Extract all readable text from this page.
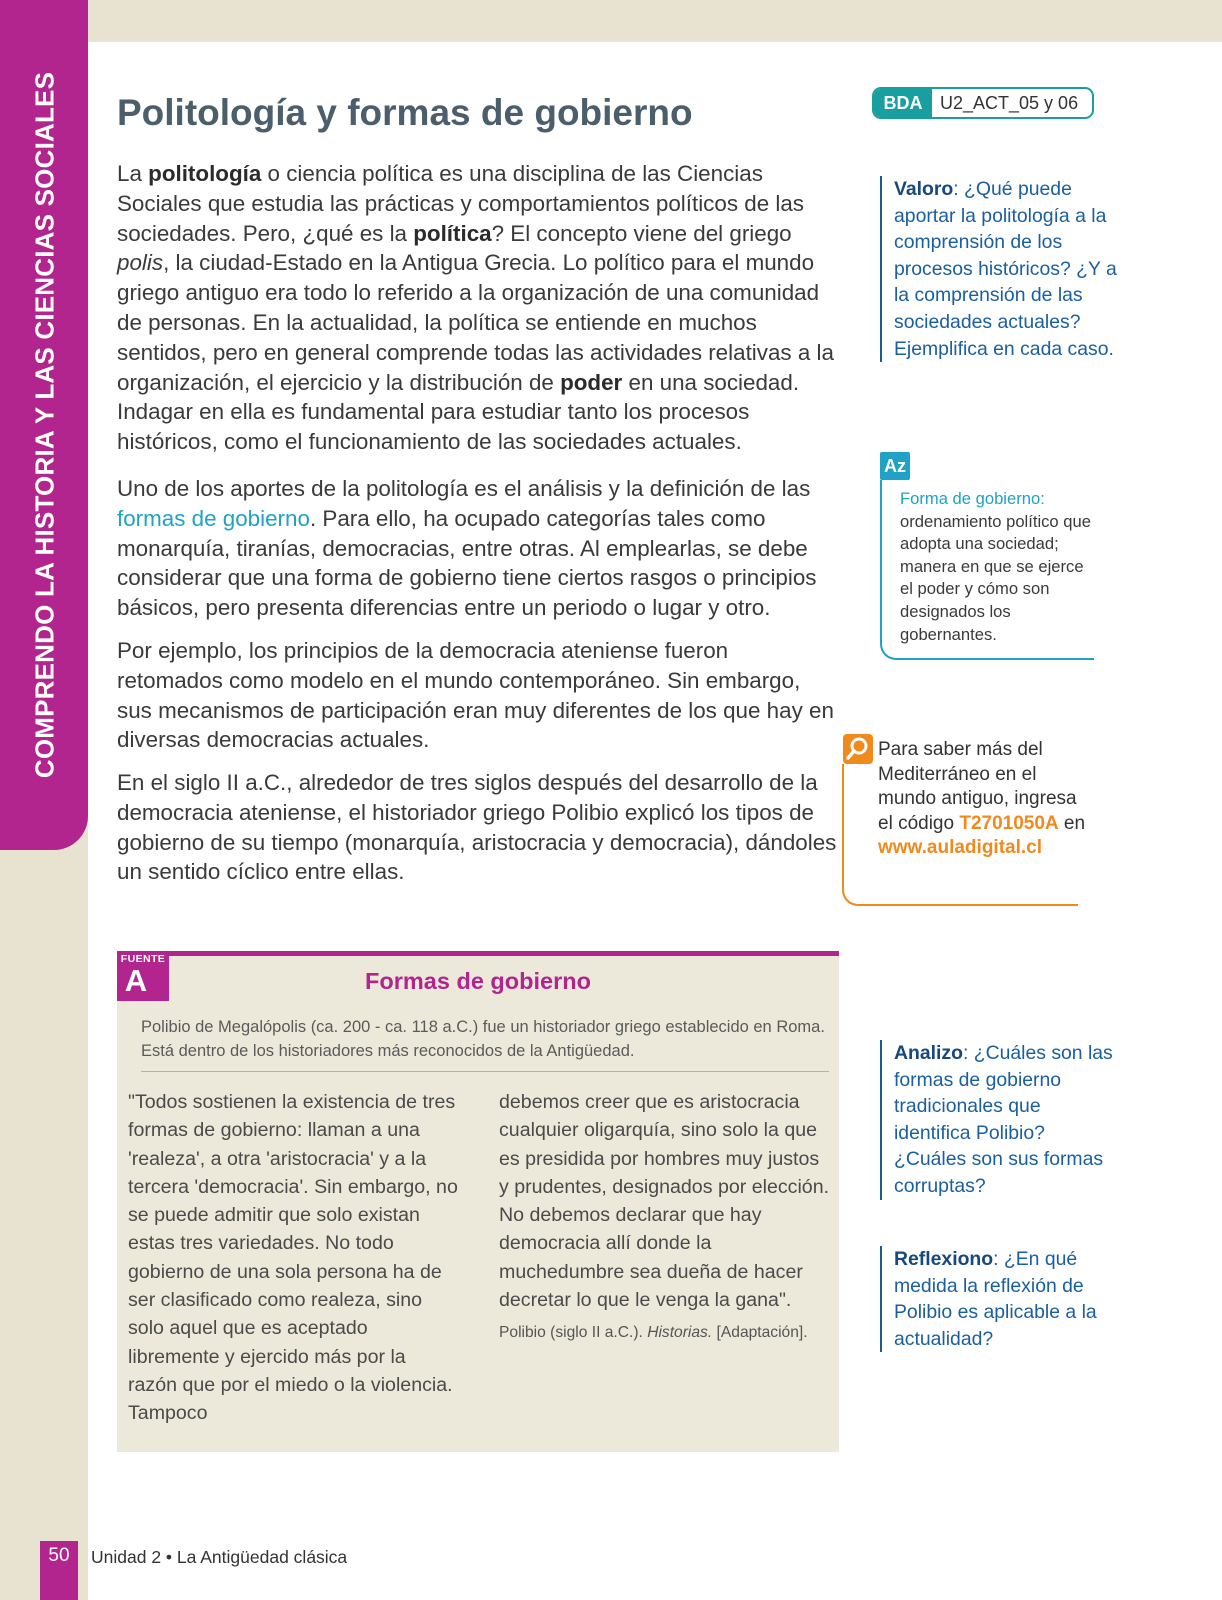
COMPRENDO LA HISTORIA Y LAS CIENCIAS SOCIALES Politología y formas de gobierno	BDA U2_ACT_05 y 06

La politología o ciencia política es una disciplina de las Ciencias Sociales que estudia las prácticas y comportamientos políticos de las sociedades. Pero, ¿qué es la política? El concepto viene del griego polis, la ciudad-Estado en la Antigua Grecia. Lo político para el mundo griego antiguo era todo lo referido a la organización de una comunidad de personas. En la actualidad, la política se entiende en muchos sentidos, pero en general comprende todas las actividades relativas a la organización, el ejercicio y la distribución de poder en una sociedad. Indagar en ella es fundamental para estudiar tanto los procesos históricos, como el funcionamiento de las sociedades actuales.

Uno de los aportes de la politología es el análisis y la definición de las formas de gobierno. Para ello, ha ocupado categorías tales como monarquía, tiranías, democracias, entre otras. Al emplearlas, se debe considerar que una forma de gobierno tiene ciertos rasgos o principios básicos, pero presenta diferencias entre un periodo o lugar y otro.

Por ejemplo, los principios de la democracia ateniense fueron retomados como modelo en el mundo contemporáneo. Sin embargo, sus mecanismos de participación eran muy diferentes de los que hay en diversas democracias actuales.

En el siglo II a.C., alrededor de tres siglos después del desarrollo de la democracia ateniense, el historiador griego Polibio explicó los tipos de gobierno de su tiempo (monarquía, aristocracia y democracia), dándoles un sentido cíclico entre ellas.

Valoro: ¿Qué puede aportar la politología a la comprensión de los procesos históricos? ¿Y a la comprensión de las sociedades actuales? Ejemplifica en cada caso.
Az
Forma de gobierno:
ordenamiento político que adopta una sociedad; manera en que se ejerce el poder y cómo son designados los gobernantes.
Para saber más del Mediterráneo en el mundo antiguo, ingresa el código T2701050A en www.auladigital.cl
FUENTE
A	Formas de gobierno
Polibio de Megalópolis (ca. 200 - ca. 118 a.C.) fue un historiador griego establecido en Roma. Está dentro de los historiadores más reconocidos de la Antigüedad.
"Todos sostienen la existencia de tres formas de gobierno: llaman a una 'realeza', a otra 'aristocracia' y a la tercera 'democracia'. Sin embargo, no se puede admitir que solo existan estas tres variedades. No todo gobierno de una sola persona ha de ser clasificado como realeza, sino solo aquel que es aceptado libremente y ejercido más por la razón que por el miedo o la violencia. Tampoco
debemos creer que es aristocracia cualquier oligarquía, sino solo la que es presidida por hombres muy justos y prudentes, designados por elección. No debemos declarar que hay democracia allí donde la muchedumbre sea dueña de hacer decretar lo que le venga la gana".
Polibio (siglo II a.C.). Historias. [Adaptación].
Analizo: ¿Cuáles son las formas de gobierno tradicionales que identifica Polibio? ¿Cuáles son sus formas corruptas?
Reflexiono: ¿En qué medida la reflexión de Polibio es aplicable a la actualidad?
50	Unidad 2 • La Antigüedad clásica
